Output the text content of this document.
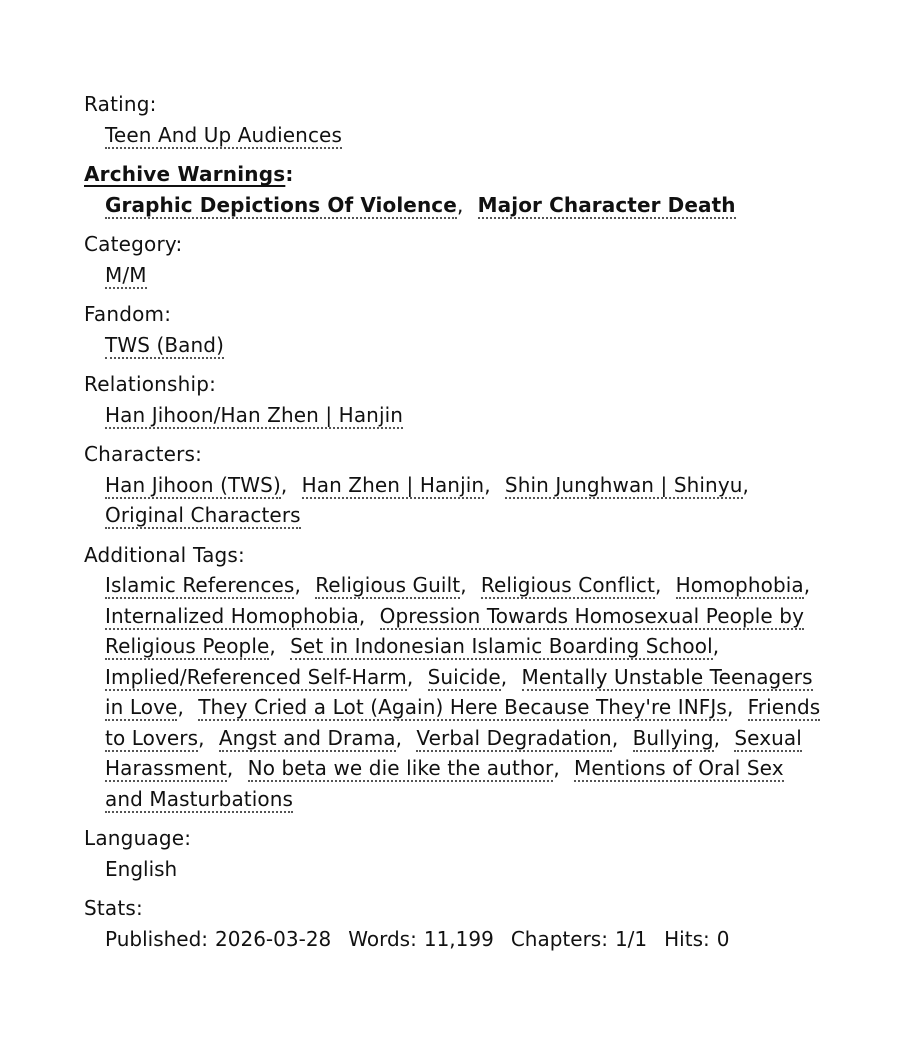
Rating:
Teen And Up Audiences
Archive Warnings:
Graphic Depictions Of Violence, Major Character Death
Category:
M/M
Fandom:
TWS (Band)
Relationship:
Han Jihoon/Han Zhen | Hanjin
Characters:
Han Jihoon (TWS), Han Zhen | Hanjin, Shin Junghwan | Shinyu, Original Characters
Additional Tags:
Islamic References, Religious Guilt, Religious Conflict, Homophobia, Internalized Homophobia, Opression Towards Homosexual People by Religious People, Set in Indonesian Islamic Boarding School, Implied/Referenced Self-Harm, Suicide, Mentally Unstable Teenagers in Love, They Cried a Lot (Again) Here Because They're INFJs, Friends to Lovers, Angst and Drama, Verbal Degradation, Bullying, Sexual Harassment, No beta we die like the author, Mentions of Oral Sex and Masturbations
Language:
English
Stats:
Published: 2026-03-28 Words: 11,199 Chapters: 1/1 Hits: 0
